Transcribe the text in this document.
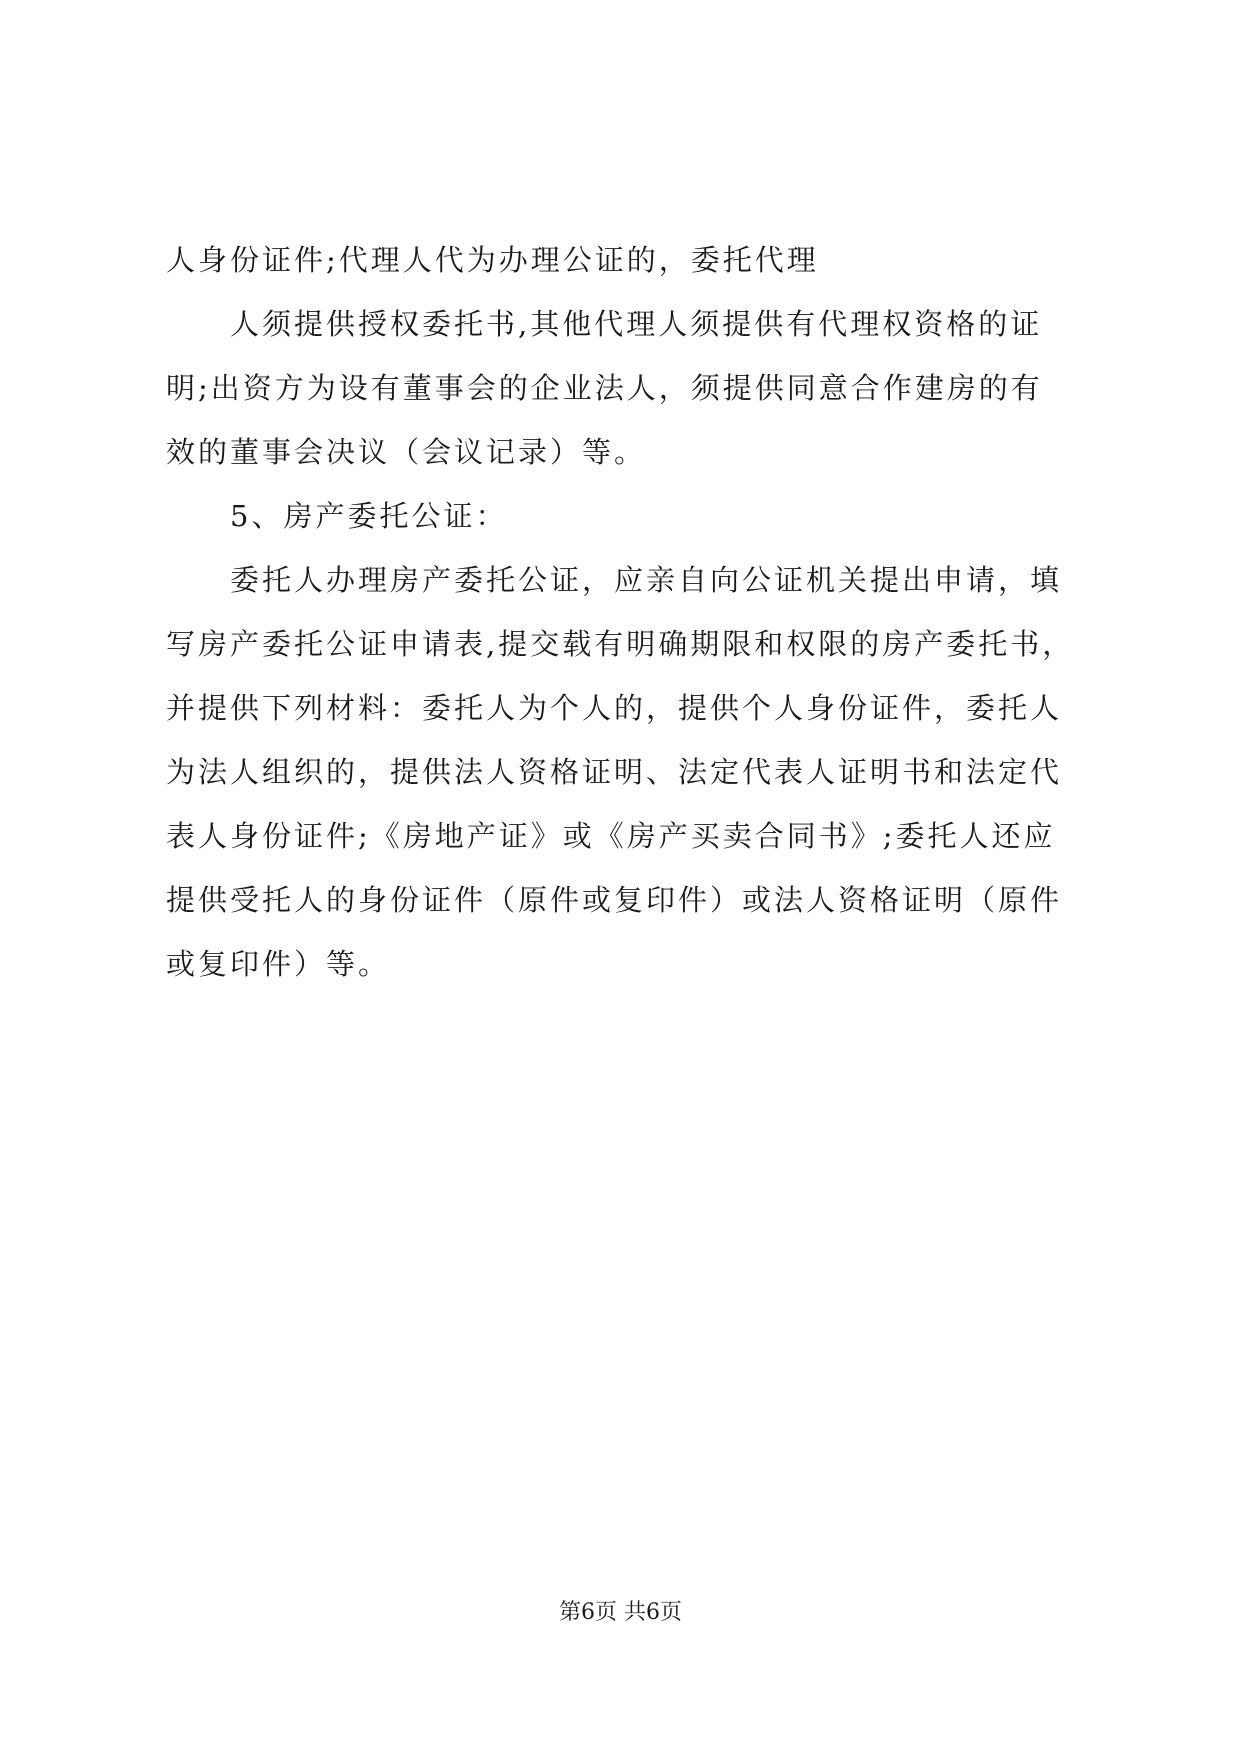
人身份证件;代理人代为办理公证的，委托代理
人须提供授权委托书,其他代理人须提供有代理权资格的证
明;出资方为设有董事会的企业法人，须提供同意合作建房的有
效的董事会决议（会议记录）等。
5、房产委托公证：
委托人办理房产委托公证，应亲自向公证机关提出申请，填
写房产委托公证申请表,提交载有明确期限和权限的房产委托书，
并提供下列材料：委托人为个人的，提供个人身份证件，委托人
为法人组织的，提供法人资格证明、法定代表人证明书和法定代
表人身份证件;《房地产证》或《房产买卖合同书》;委托人还应
提供受托人的身份证件（原件或复印件）或法人资格证明（原件
或复印件）等。
第6页 共6页
